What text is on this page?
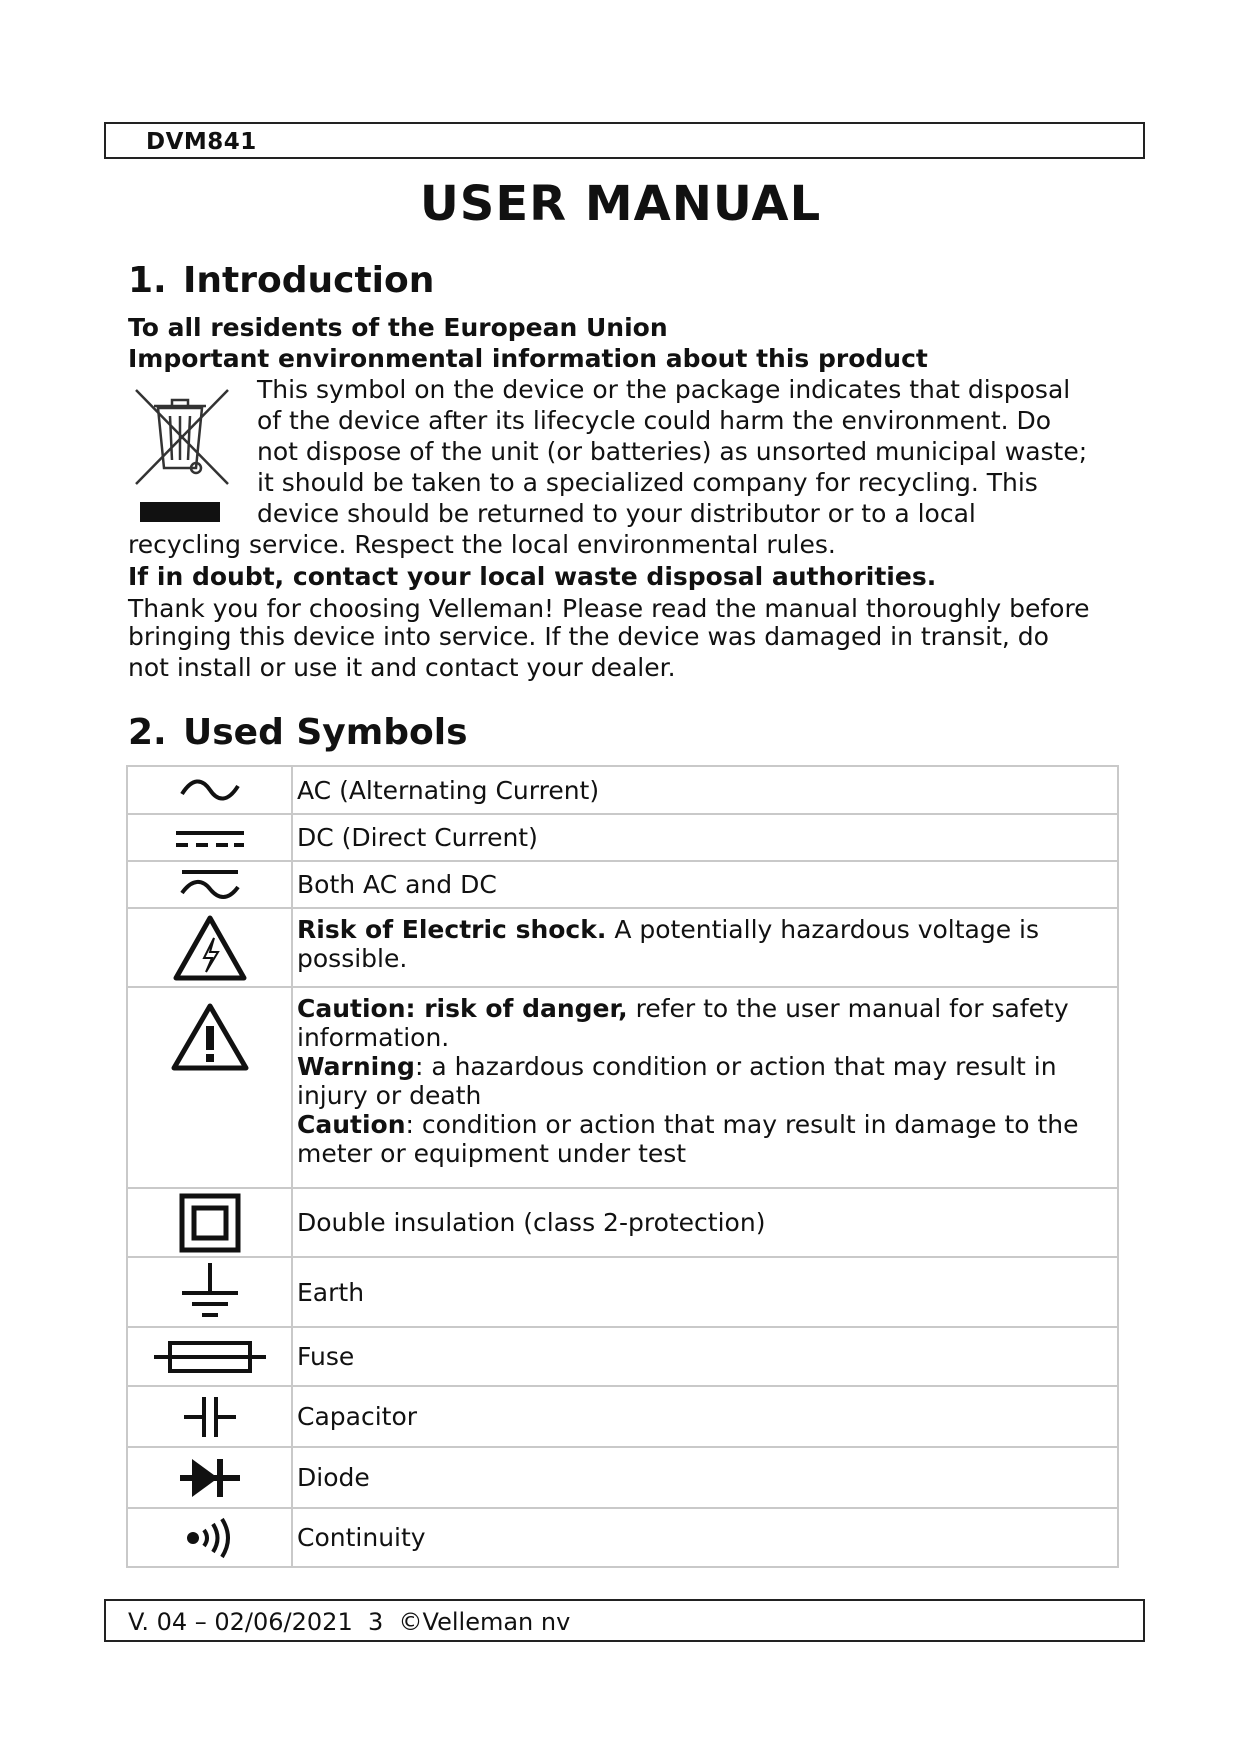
DVM841
USER MANUAL
1. Introduction
To all residents of the European Union
Important environmental information about this product
This symbol on the device or the package indicates that disposal
of the device after its lifecycle could harm the environment. Do
not dispose of the unit (or batteries) as unsorted municipal waste;
it should be taken to a specialized company for recycling. This
device should be returned to your distributor or to a local
recycling service. Respect the local environmental rules.
If in doubt, contact your local waste disposal authorities.
Thank you for choosing Velleman! Please read the manual thoroughly before
bringing this device into service. If the device was damaged in transit, do
not install or use it and contact your dealer.
2. Used Symbols
AC (Alternating Current)
DC (Direct Current)
Both AC and DC
Risk of Electric shock. A potentially hazardous voltage is possible.
Caution: risk of danger, refer to the user manual for safety information.
Warning: a hazardous condition or action that may result in injury or death
Caution: condition or action that may result in damage to the meter or equipment under test
Double insulation (class 2-protection)
Earth
Fuse
Capacitor
Diode
Continuity
V. 04 – 02/06/2021 3 ©Velleman nv
